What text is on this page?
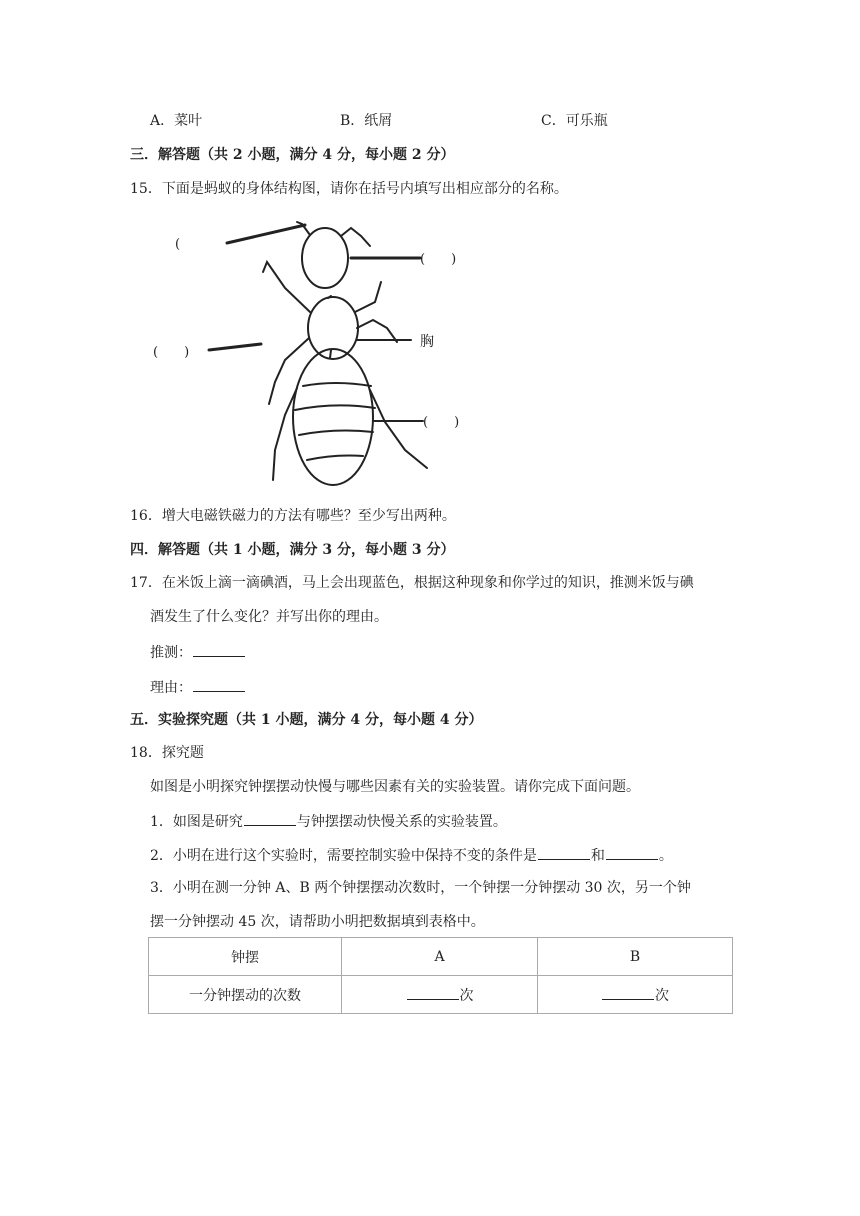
A．菜叶	B．纸屑	C．可乐瓶
三．解答题（共 2 小题，满分 4 分，每小题 2 分）
15．下面是蚂蚁的身体结构图，请你在括号内填写出相应部分的名称。
(
(　　)
(　　)
胸
(　　)
16．增大电磁铁磁力的方法有哪些？至少写出两种。
四．解答题（共 1 小题，满分 3 分，每小题 3 分）
17．在米饭上滴一滴碘酒，马上会出现蓝色，根据这种现象和你学过的知识，推测米饭与碘
酒发生了什么变化？并写出你的理由。
推测：
理由：
五．实验探究题（共 1 小题，满分 4 分，每小题 4 分）
18．探究题
如图是小明探究钟摆摆动快慢与哪些因素有关的实验装置。请你完成下面问题。
1．如图是研究	与钟摆摆动快慢关系的实验装置。
2．小明在进行这个实验时，需要控制实验中保持不变的条件是	和	。
3．小明在测一分钟 A、B 两个钟摆摆动次数时，一个钟摆一分钟摆动 30 次，另一个钟
摆一分钟摆动 45 次，请帮助小明把数据填到表格中。
钟摆	A	B
一分钟摆动的次数	次	次
